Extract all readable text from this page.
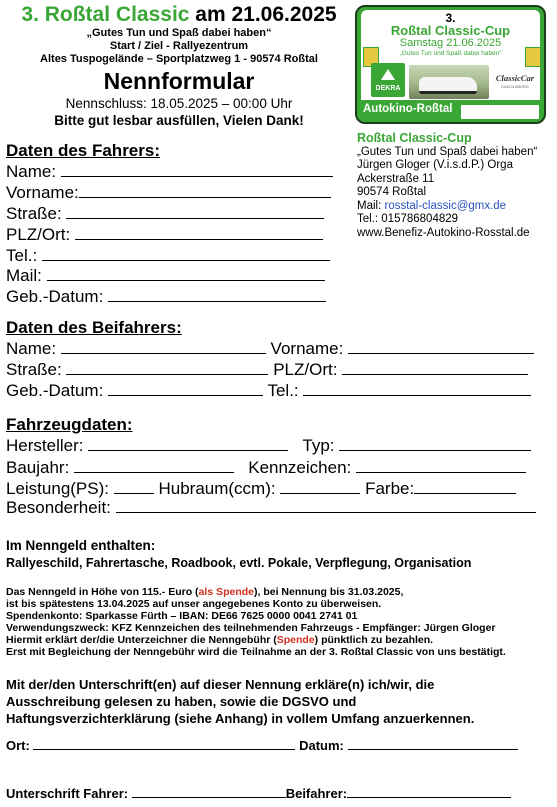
3. Roßtal Classic am 21.06.2025
„Gutes Tun und Spaß dabei haben“
Start / Ziel - Rallyezentrum
Altes Tuspogelände – Sportplatzweg 1 - 90574 Roßtal
Nennformular
Nennschluss: 18.05.2025 – 00:00 Uhr
Bitte gut lesbar ausfüllen, Vielen Dank!
3.
Roßtal Classic-Cup
Samstag 21.06.2025
„Gutes Tun und Spaß dabei haben“
DEKRA
ClassicCar
CADOLZBURG
Autokino-Roßtal
Roßtal Classic-Cup
„Gutes Tun und Spaß dabei haben“
Jürgen Gloger (V.i.s.d.P.) Orga
Ackerstraße 11
90574 Roßtal
Mail: rosstal-classic@gmx.de
Tel.: 015786804829
www.Benefiz-Autokino-Rosstal.de
Daten des Fahrers:
Name:
Vorname:
Straße:
PLZ/Ort:
Tel.:
Mail:
Geb.-Datum:
Daten des Beifahrers:
Name:	Vorname:
Straße:	PLZ/Ort:
Geb.-Datum:	Tel.:
Fahrzeugdaten:
Hersteller:	Typ:
Baujahr:	Kennzeichen:
Leistung(PS):	Hubraum(ccm):	Farbe:
Besonderheit:
Im Nenngeld enthalten:
Rallyeschild, Fahrertasche, Roadbook, evtl. Pokale, Verpflegung, Organisation
Das Nenngeld in Höhe von 115.- Euro (als Spende), bei Nennung bis 31.03.2025,
ist bis spätestens 13.04.2025 auf unser angegebenes Konto zu überweisen.
Spendenkonto: Sparkasse Fürth – IBAN: DE66 7625 0000 0041 2741 01
Verwendungszweck: KFZ Kennzeichen des teilnehmenden Fahrzeugs - Empfänger: Jürgen Gloger
Hiermit erklärt der/die Unterzeichner die Nenngebühr (Spende) pünktlich zu bezahlen.
Erst mit Begleichung der Nenngebühr wird die Teilnahme an der 3. Roßtal Classic von uns bestätigt.
Mit der/den Unterschrift(en) auf dieser Nennung erkläre(n) ich/wir, die
Ausschreibung gelesen zu haben, sowie die DGSVO und
Haftungsverzichterklärung (siehe Anhang) in vollem Umfang anzuerkennen.
Ort:	Datum:
Unterschrift Fahrer:	Beifahrer:
